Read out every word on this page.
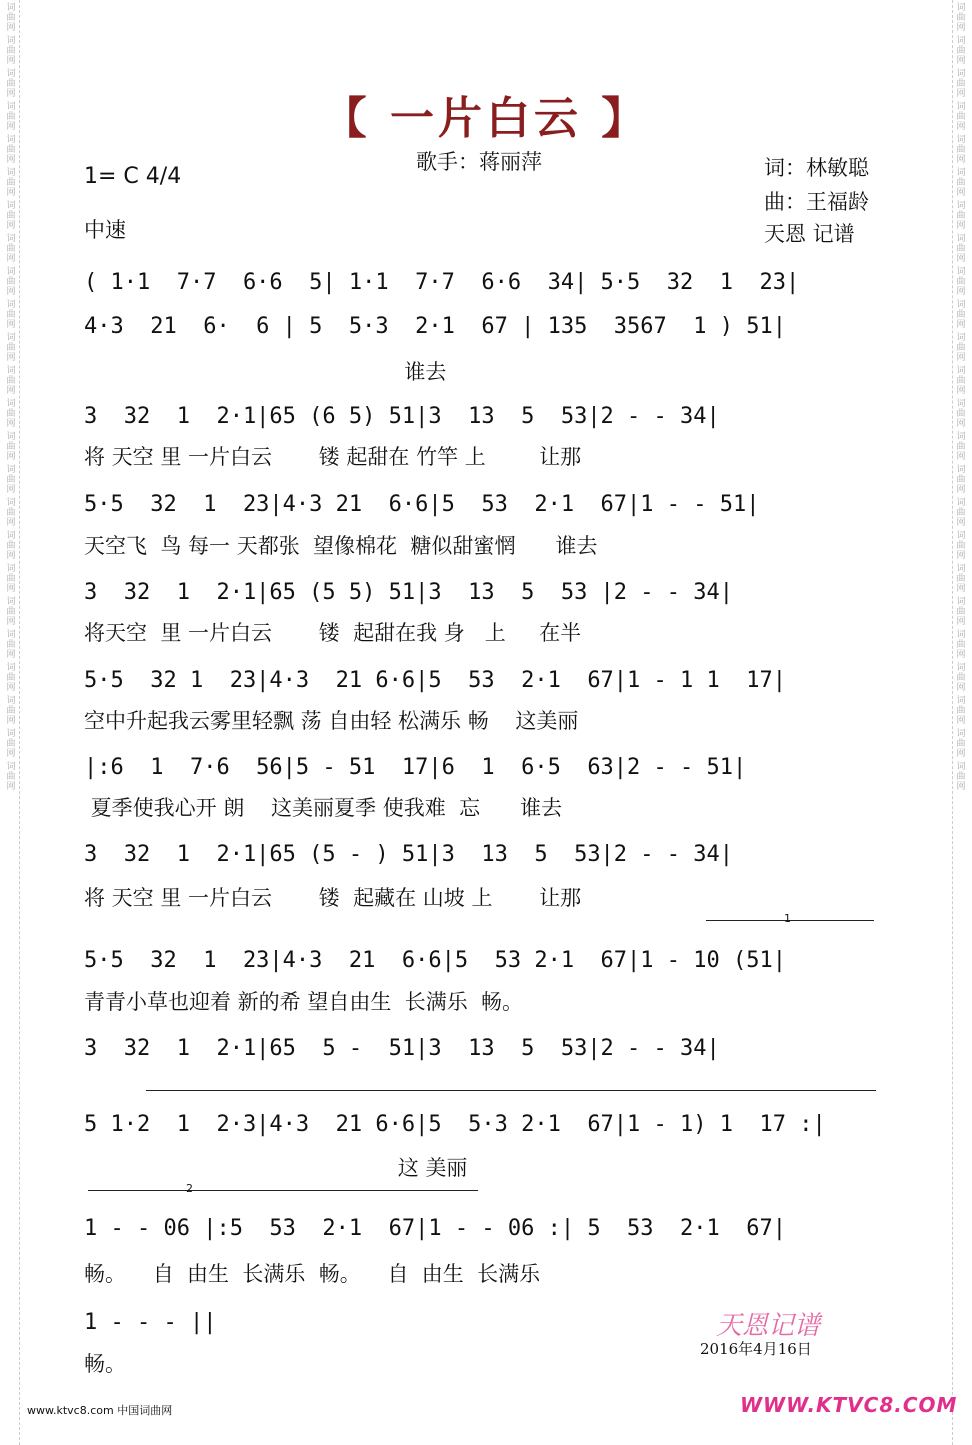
词
曲
网
词
曲
网
词
曲
网
词
曲
网
词
曲
网
词
曲
网
词
曲
网
词
曲
网
词
曲
网
词
曲
网
词
曲
网
词
曲
网
词
曲
网
词
曲
网
词
曲
网
词
曲
网
词
曲
网
词
曲
网
词
曲
网
词
曲
网
词
曲
网
词
曲
网
词
曲
网
词
曲
网
词
曲
网
词
曲
网
词
曲
网
词
曲
网
词
曲
网
词
曲
网
词
曲
网
词
曲
网
词
曲
网
词
曲
网
词
曲
网
词
曲
网
词
曲
网
词
曲
网
词
曲
网
词
曲
网
词
曲
网
词
曲
网
词
曲
网
词
曲
网
词
曲
网
词
曲
网
词
曲
网
词
曲
网
【 一片白云 】
歌手：蒋丽萍
1= C 4/4
中速
词：林敏聪
曲：王福龄
天恩 记谱
( 1·1  7·7  6·6  5| 1·1  7·7  6·6  34| 5·5  32  1  23|
4·3  21  6·  6 | 5  5·3  2·1  67 | 135  3567  1 ) 51|
谁去
3  32  1  2·1|65 (6 5) 51|3  13  5  53|2 - - 34|
将 天空 里 一片白云       镂 起甜在 竹竿 上        让那
5·5  32  1  23|4·3 21  6·6|5  53  2·1  67|1 - - 51|
天空飞  鸟 每一 天都张  望像棉花  糖似甜蜜惘      谁去
3  32  1  2·1|65 (5 5) 51|3  13  5  53 |2 - - 34|
将天空  里 一片白云       镂  起甜在我 身   上     在半
5·5  32 1  23|4·3  21 6·6|5  53  2·1  67|1 - 1 1  17|
空中升起我云雾里轻飘 荡 自由轻 松满乐 畅    这美丽
|:6  1  7·6  56|5 - 51  17|6  1  6·5  63|2 - - 51|
夏季使我心开 朗    这美丽夏季 使我难  忘      谁去
3  32  1  2·1|65 (5 - ) 51|3  13  5  53|2 - - 34|
将 天空 里 一片白云       镂  起藏在 山坡 上       让那
1
5·5  32  1  23|4·3  21  6·6|5  53 2·1  67|1 - 10 (51|
青青小草也迎着 新的希 望自由生  长满乐  畅。
3  32  1  2·1|65  5 -  51|3  13  5  53|2 - - 34|
5 1·2  1  2·3|4·3  21 6·6|5  5·3 2·1  67|1 - 1) 1  17 :|
这 美丽
2
1 - - 06 |:5  53  2·1  67|1 - - 06 :| 5  53  2·1  67|
畅。    自  由生  长满乐  畅。    自  由生  长满乐
1 - - - ||
畅。
天恩记谱
2016年4月16日
www.ktvc8.com 中国词曲网	WWW.KTVC8.COM
